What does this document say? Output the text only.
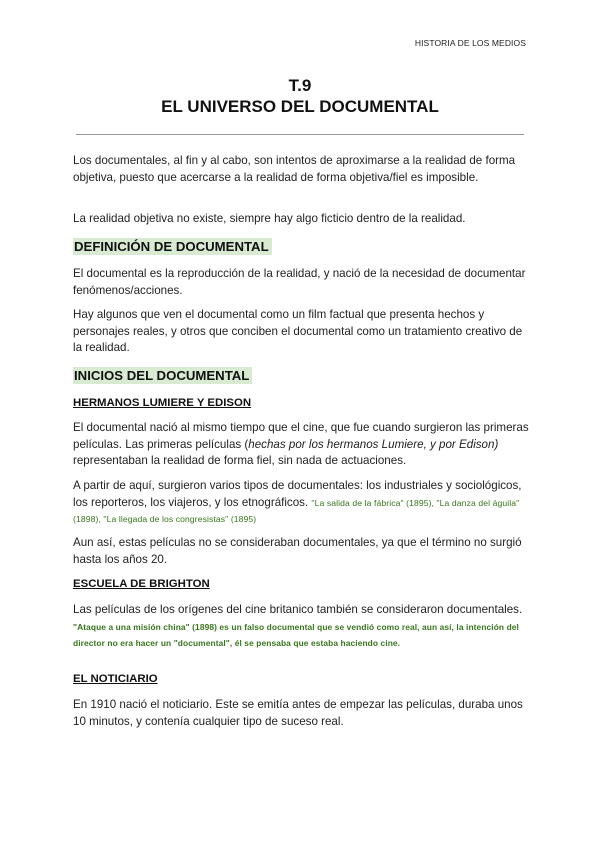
HISTORIA DE LOS MEDIOS
T.9
EL UNIVERSO DEL DOCUMENTAL
Los documentales, al fin y al cabo, son intentos de aproximarse a la realidad de forma objetiva, puesto que acercarse a la realidad de forma objetiva/fiel es imposible.
La realidad objetiva no existe, siempre hay algo ficticio dentro de la realidad.
DEFINICIÓN DE DOCUMENTAL
El documental es la reproducción de la realidad, y nació de la necesidad de documentar fenómenos/acciones.
Hay algunos que ven el documental como un film factual que presenta hechos y personajes reales, y otros que conciben el documental como un tratamiento creativo de la realidad.
INICIOS DEL DOCUMENTAL
HERMANOS LUMIERE Y EDISON
El documental nació al mismo tiempo que el cine, que fue cuando surgieron las primeras películas. Las primeras películas (hechas por los hermanos Lumiere, y por Edison) representaban la realidad de forma fiel, sin nada de actuaciones.
A partir de aquí, surgieron varios tipos de documentales: los industriales y sociológicos, los reporteros, los viajeros, y los etnográficos. "La salida de la fábrica" (1895), "La danza del águila" (1898), "La llegada de los congresistas" (1895)
Aun así, estas películas no se consideraban documentales, ya que el término no surgió hasta los años 20.
ESCUELA DE BRIGHTON
Las películas de los orígenes del cine britanico también se consideraron documentales. "Ataque a una misión china" (1898) es un falso documental que se vendió como real, aun así, la intención del director no era hacer un "documental", él se pensaba que estaba haciendo cine.
EL NOTICIARIO
En 1910 nació el noticiario. Este se emitía antes de empezar las películas, duraba unos 10 minutos, y contenía cualquier tipo de suceso real.
